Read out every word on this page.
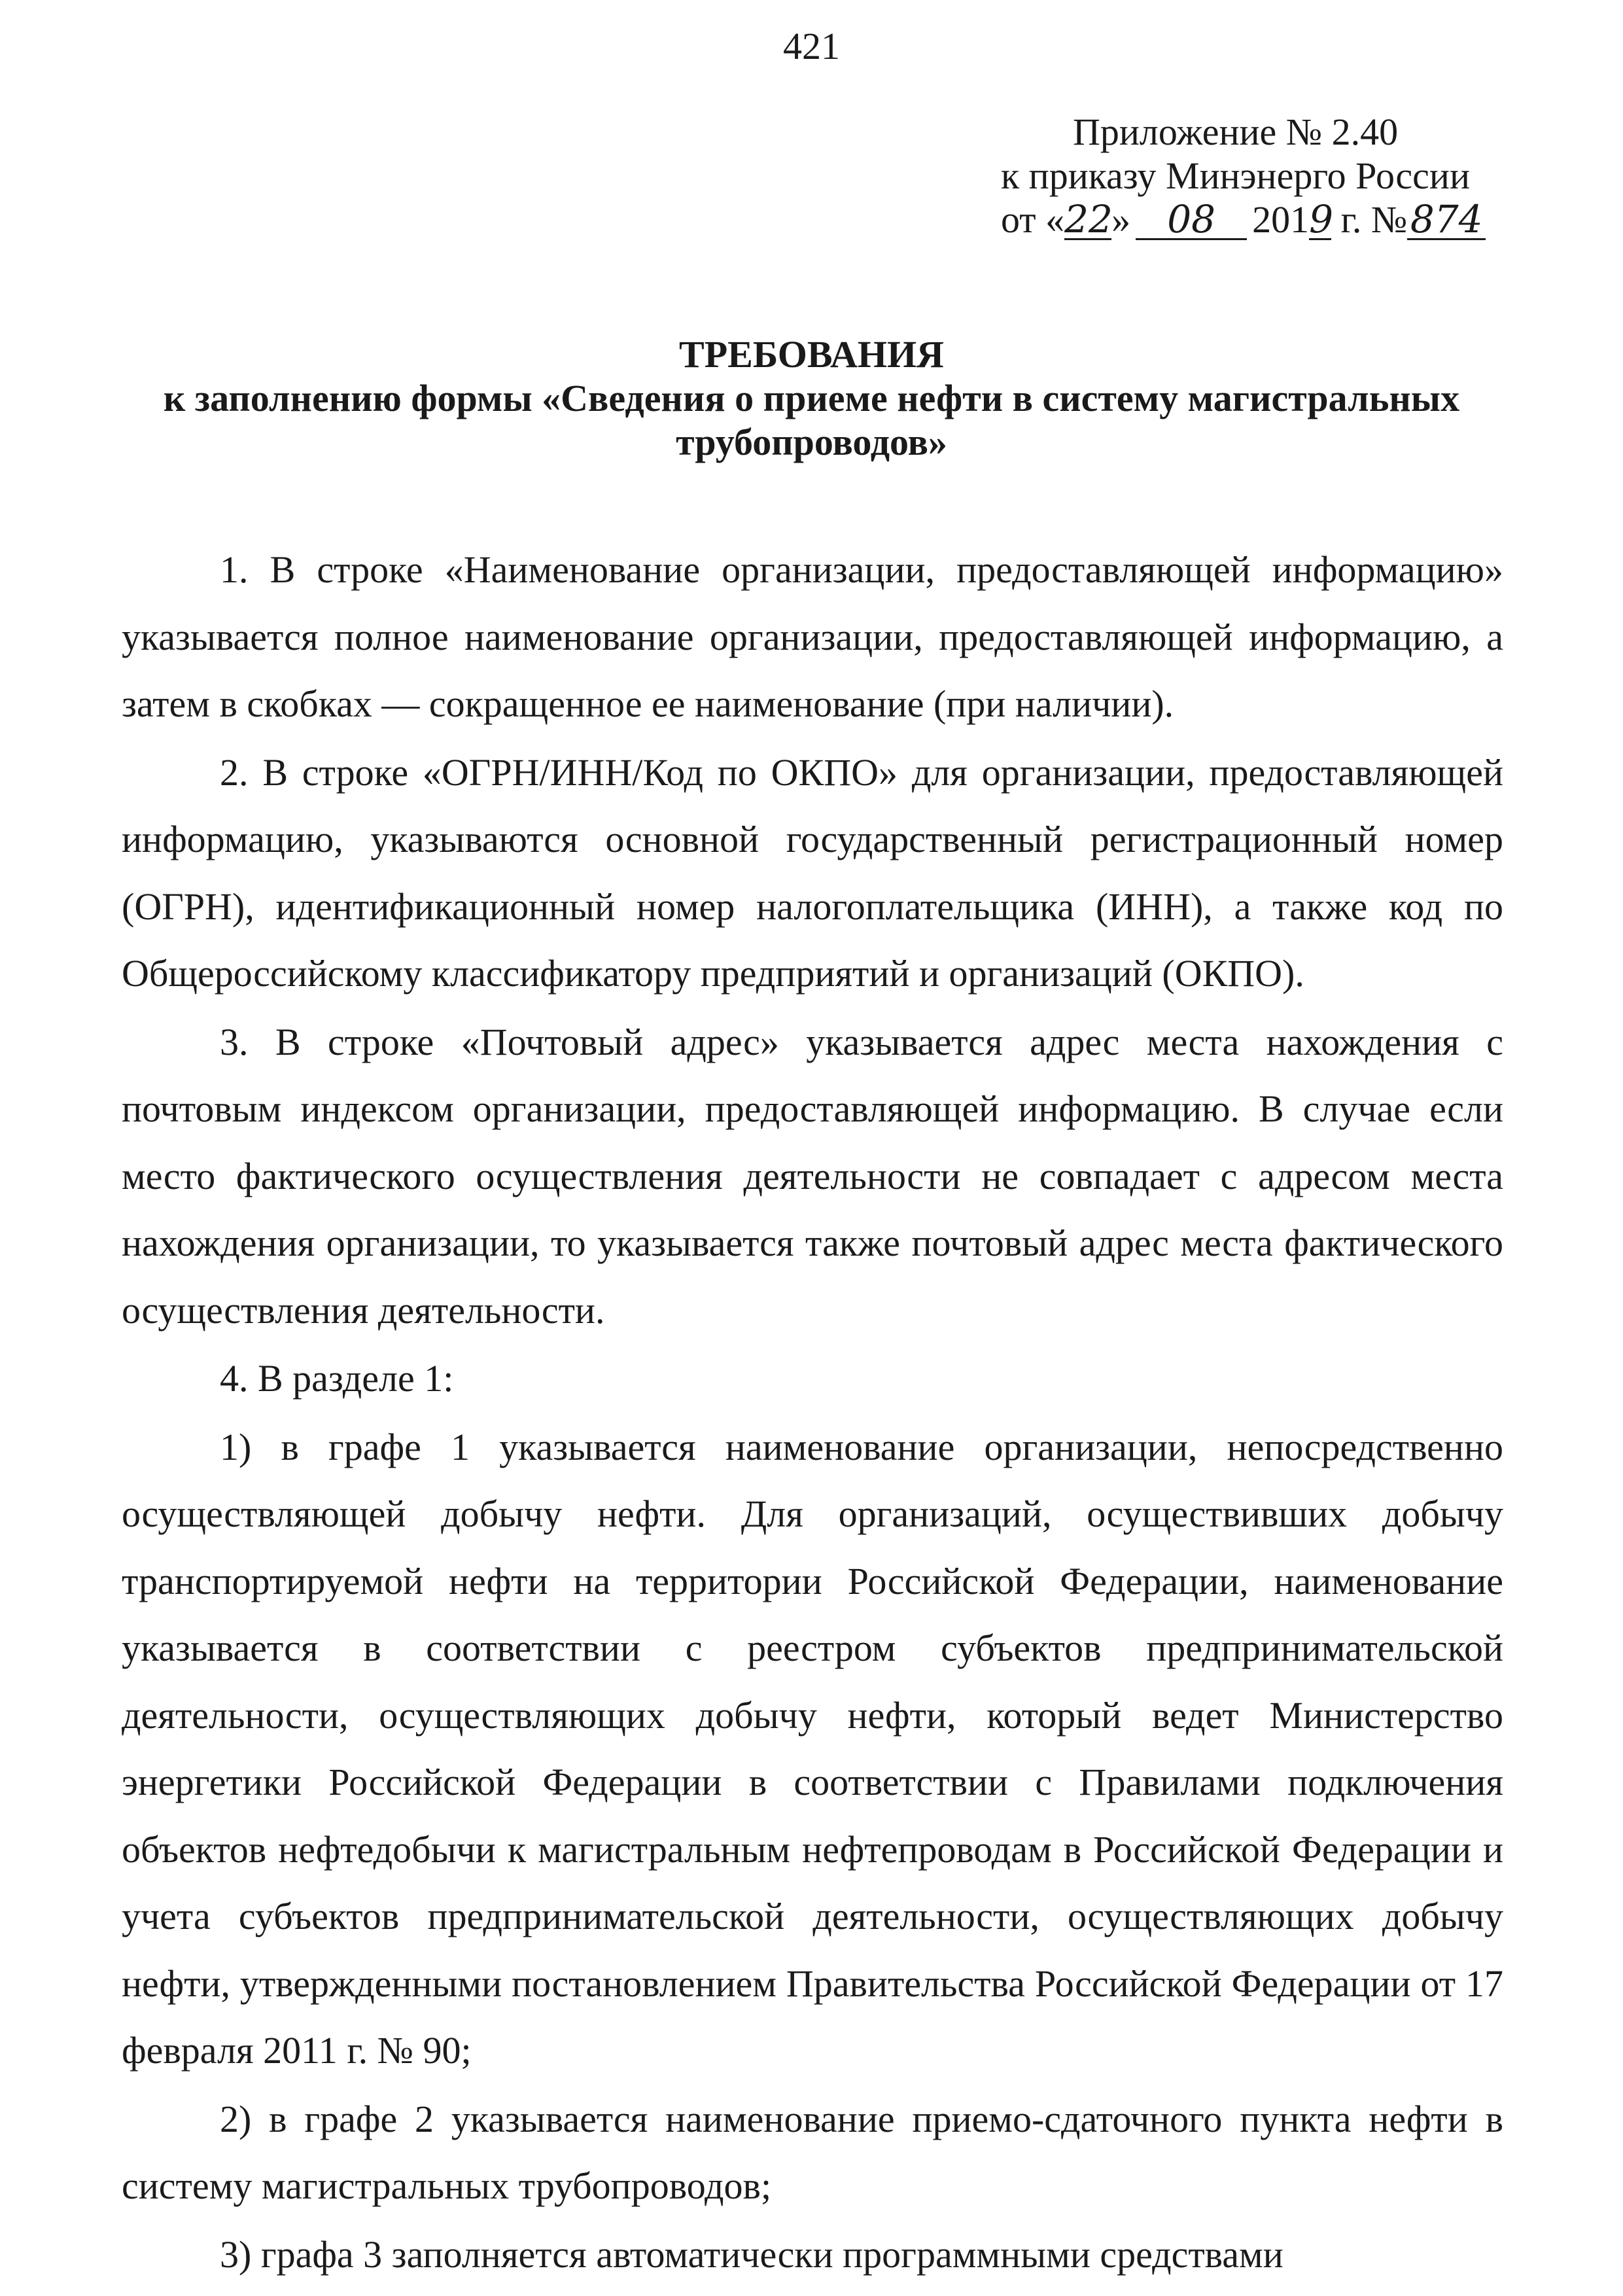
421
Приложение № 2.40
к приказу Минэнерго России
от «22» 08 2019 г. №874
ТРЕБОВАНИЯ
к заполнению формы «Сведения о приеме нефти в систему магистральных
трубопроводов»

1. В строке «Наименование организации, предоставляющей информацию» указывается полное наименование организации, предоставляющей информацию, а затем в скобках — сокращенное ее наименование (при наличии).

2. В строке «ОГРН/ИНН/Код по ОКПО» для организации, предоставляющей информацию, указываются основной государственный регистрационный номер (ОГРН), идентификационный номер налогоплательщика (ИНН), а также код по Общероссийскому классификатору предприятий и организаций (ОКПО).

3. В строке «Почтовый адрес» указывается адрес места нахождения с почтовым индексом организации, предоставляющей информацию. В случае если место фактического осуществления деятельности не совпадает с адресом места нахождения организации, то указывается также почтовый адрес места фактического осуществления деятельности.

4. В разделе 1:

1) в графе 1 указывается наименование организации, непосредственно осуществляющей добычу нефти. Для организаций, осуществивших добычу транспортируемой нефти на территории Российской Федерации, наименование указывается в соответствии с реестром субъектов предпринимательской деятельности, осуществляющих добычу нефти, который ведет Министерство энергетики Российской Федерации в соответствии с Правилами подключения объектов нефтедобычи к магистральным нефтепроводам в Российской Федерации и учета субъектов предпринимательской деятельности, осуществляющих добычу нефти, утвержденными постановлением Правительства Российской Федерации от 17 февраля 2011 г. № 90;

2) в графе 2 указывается наименование приемо-сдаточного пункта нефти в систему магистральных трубопроводов;

3) графа 3 заполняется автоматически программными средствами
